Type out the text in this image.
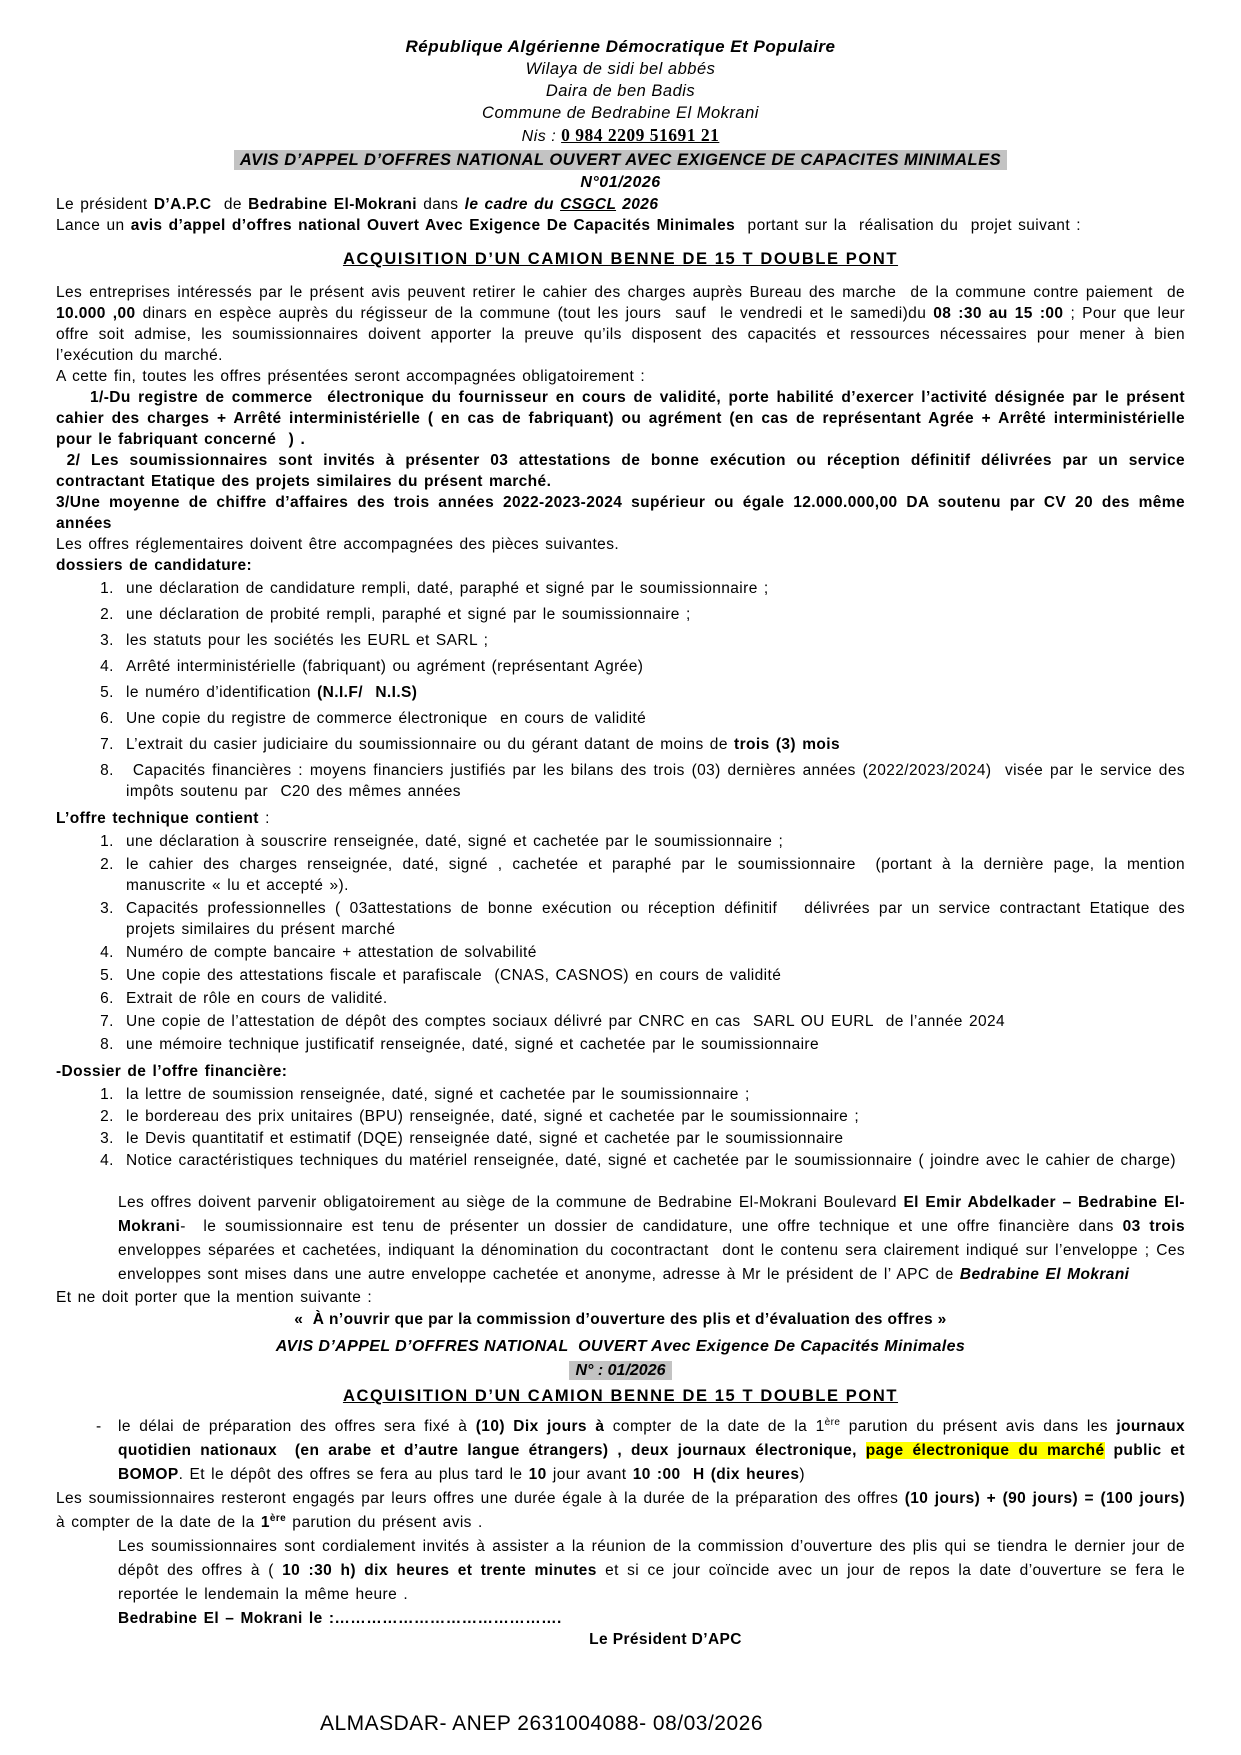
République Algérienne Démocratique Et Populaire

Wilaya de sidi bel abbés

Daira de ben Badis

Commune de Bedrabine El Mokrani

Nis : 0 984 2209 51691 21

AVIS D’APPEL D’OFFRES NATIONAL OUVERT AVEC EXIGENCE DE CAPACITES MINIMALES

N°01/2026

Le président D’A.P.C  de Bedrabine El-Mokrani dans le cadre du CSGCL 2026

Lance un avis d’appel d’offres national Ouvert Avec Exigence De Capacités Minimales  portant sur la  réalisation du  projet suivant :

ACQUISITION D’UN CAMION BENNE DE 15 T DOUBLE PONT

Les entreprises intéressés par le présent avis peuvent retirer le cahier des charges auprès Bureau des marche  de la commune contre paiement  de 10.000 ,00 dinars en espèce auprès du régisseur de la commune (tout les jours  sauf  le vendredi et le samedi)du 08 :30 au 15 :00 ; Pour que leur offre soit admise, les soumissionnaires doivent apporter la preuve qu’ils disposent des capacités et ressources nécessaires pour mener à bien l’exécution du marché.

A cette fin, toutes les offres présentées seront accompagnées obligatoirement :

1/-Du registre de commerce  électronique du fournisseur en cours de validité, porte habilité d’exercer l’activité désignée par le présent cahier des charges + Arrêté interministérielle ( en cas de fabriquant) ou agrément (en cas de représentant Agrée + Arrêté interministérielle pour le fabriquant concerné  ) .

2/ Les soumissionnaires sont invités à présenter 03 attestations de bonne exécution ou réception définitif délivrées par un service contractant Etatique des projets similaires du présent marché.

3/Une moyenne de chiffre d’affaires des trois années 2022-2023-2024 supérieur ou égale 12.000.000,00 DA soutenu par CV 20 des même années

Les offres réglementaires doivent être accompagnées des pièces suivantes.

dossiers de candidature:

1. une déclaration de candidature rempli, daté, paraphé et signé par le soumissionnaire ;
2. une déclaration de probité rempli, paraphé et signé par le soumissionnaire ;
3. les statuts pour les sociétés les EURL et SARL ;
4. Arrêté interministérielle (fabriquant) ou agrément (représentant Agrée)
5. le numéro d’identification (N.I.F/  N.I.S)
6. Une copie du registre de commerce électronique  en cours de validité
7. L’extrait du casier judiciaire du soumissionnaire ou du gérant datant de moins de trois (3) mois
8.  Capacités financières : moyens financiers justifiés par les bilans des trois (03) dernières années (2022/2023/2024)  visée par le service des impôts soutenu par  C20 des mêmes années

L’offre technique contient :

1. une déclaration à souscrire renseignée, daté, signé et cachetée par le soumissionnaire ;
2. le cahier des charges renseignée, daté, signé , cachetée et paraphé par le soumissionnaire  (portant à la dernière page, la mention manuscrite « lu et accepté »).
3. Capacités professionnelles ( 03attestations de bonne exécution ou réception définitif   délivrées par un service contractant Etatique des projets similaires du présent marché
4. Numéro de compte bancaire + attestation de solvabilité
5. Une copie des attestations fiscale et parafiscale  (CNAS, CASNOS) en cours de validité
6. Extrait de rôle en cours de validité.
7. Une copie de l’attestation de dépôt des comptes sociaux délivré par CNRC en cas  SARL OU EURL  de l’année 2024
8. une mémoire technique justificatif renseignée, daté, signé et cachetée par le soumissionnaire

-Dossier de l’offre financière:

1. la lettre de soumission renseignée, daté, signé et cachetée par le soumissionnaire ;
2. le bordereau des prix unitaires (BPU) renseignée, daté, signé et cachetée par le soumissionnaire ;
3. le Devis quantitatif et estimatif (DQE) renseignée daté, signé et cachetée par le soumissionnaire
4. Notice caractéristiques techniques du matériel renseignée, daté, signé et cachetée par le soumissionnaire ( joindre avec le cahier de charge)

Les offres doivent parvenir obligatoirement au siège de la commune de Bedrabine El-Mokrani Boulevard El Emir Abdelkader – Bedrabine El-Mokrani-  le soumissionnaire est tenu de présenter un dossier de candidature, une offre technique et une offre financière dans 03 trois  enveloppes séparées et cachetées, indiquant la dénomination du cocontractant  dont le contenu sera clairement indiqué sur l’enveloppe ; Ces enveloppes sont mises dans une autre enveloppe cachetée et anonyme, adresse à Mr le président de l’ APC de Bedrabine El Mokrani

Et ne doit porter que la mention suivante :

«  À n’ouvrir que par la commission d’ouverture des plis et d’évaluation des offres »

AVIS D’APPEL D’OFFRES NATIONAL  OUVERT Avec Exigence De Capacités Minimales

N° : 01/2026

ACQUISITION D’UN CAMION BENNE DE 15 T DOUBLE PONT

- le délai de préparation des offres sera fixé à (10) Dix jours à compter de la date de la 1ère parution du présent avis dans les journaux quotidien nationaux  (en arabe et d’autre langue étrangers) , deux journaux électronique, page électronique du marché public et BOMOP. Et le dépôt des offres se fera au plus tard le 10 jour avant 10 :00  H (dix heures)

Les soumissionnaires resteront engagés par leurs offres une durée égale à la durée de la préparation des offres (10 jours) + (90 jours) = (100 jours) à compter de la date de la 1ère parution du présent avis .

Les soumissionnaires sont cordialement invités à assister a la réunion de la commission d’ouverture des plis qui se tiendra le dernier jour de dépôt des offres à ( 10 :30 h) dix heures et trente minutes et si ce jour coïncide avec un jour de repos la date d’ouverture se fera le reportée le lendemain la même heure .

Bedrabine El – Mokrani le :…………………………………….

Le Président D’APC

ALMASDAR- ANEP 2631004088- 08/03/2026
